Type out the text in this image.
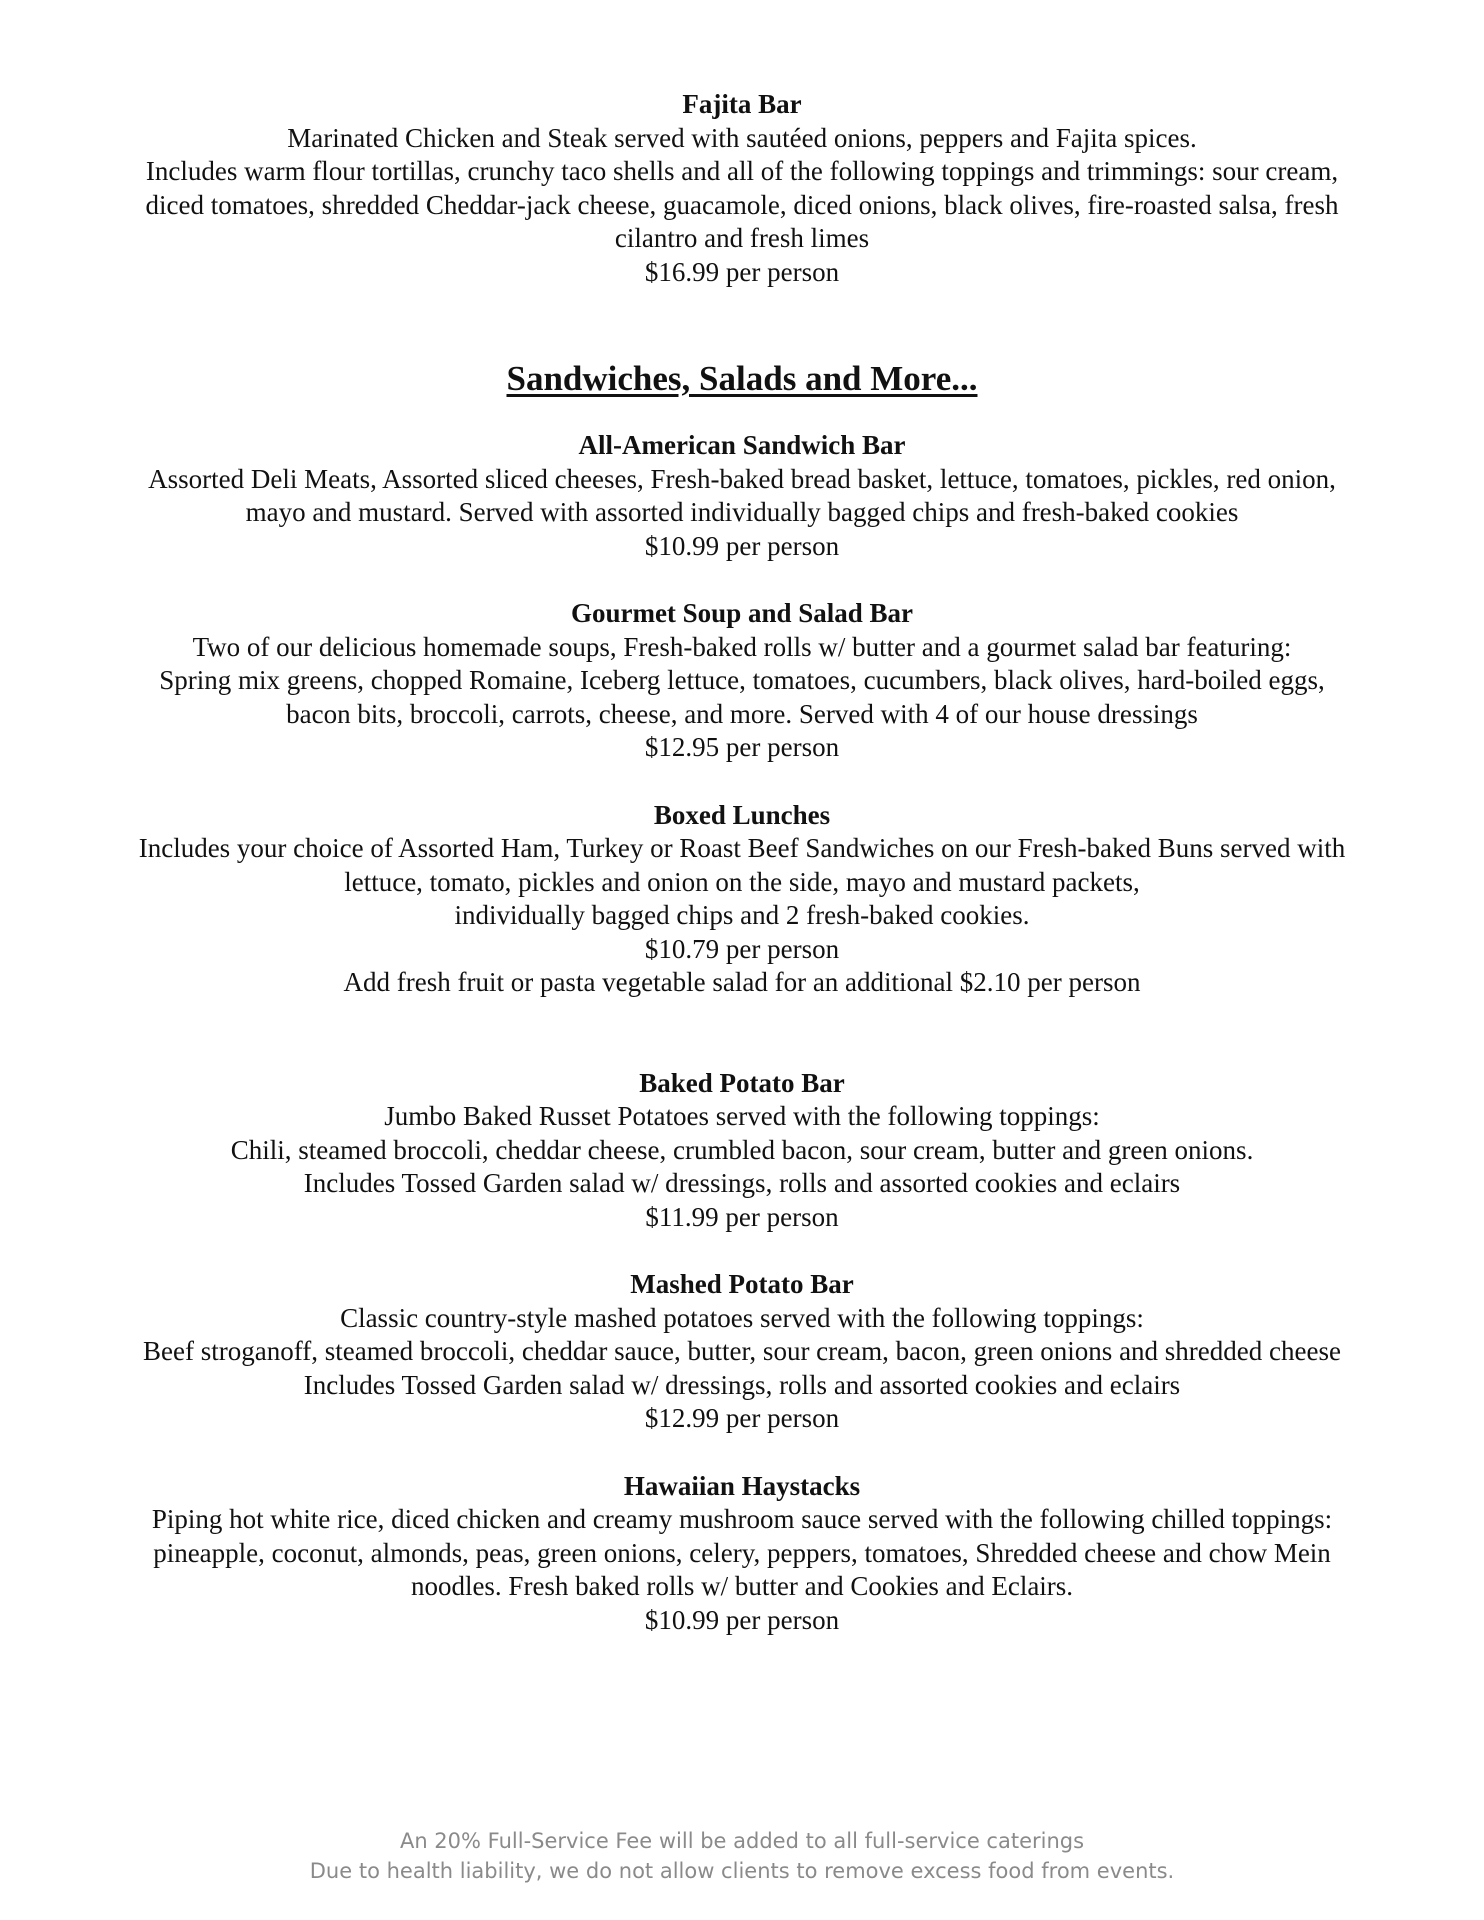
Fajita Bar
Marinated Chicken and Steak served with sautéed onions, peppers and Fajita spices.
Includes warm flour tortillas, crunchy taco shells and all of the following toppings and trimmings: sour cream,
diced tomatoes, shredded Cheddar-jack cheese, guacamole, diced onions, black olives, fire-roasted salsa, fresh
cilantro and fresh limes
$16.99 per person
Sandwiches, Salads and More...
All-American Sandwich Bar
Assorted Deli Meats, Assorted sliced cheeses, Fresh-baked bread basket, lettuce, tomatoes, pickles, red onion,
mayo and mustard. Served with assorted individually bagged chips and fresh-baked cookies
$10.99 per person
Gourmet Soup and Salad Bar
Two of our delicious homemade soups, Fresh-baked rolls w/ butter and a gourmet salad bar featuring:
Spring mix greens, chopped Romaine, Iceberg lettuce, tomatoes, cucumbers, black olives, hard-boiled eggs,
bacon bits, broccoli, carrots, cheese, and more. Served with 4 of our house dressings
$12.95 per person
Boxed Lunches
Includes your choice of Assorted Ham, Turkey or Roast Beef Sandwiches on our Fresh-baked Buns served with
lettuce, tomato, pickles and onion on the side, mayo and mustard packets,
individually bagged chips and 2 fresh-baked cookies.
$10.79 per person
Add fresh fruit or pasta vegetable salad for an additional $2.10 per person
Baked Potato Bar
Jumbo Baked Russet Potatoes served with the following toppings:
Chili, steamed broccoli, cheddar cheese, crumbled bacon, sour cream, butter and green onions.
Includes Tossed Garden salad w/ dressings, rolls and assorted cookies and eclairs
$11.99 per person
Mashed Potato Bar
Classic country-style mashed potatoes served with the following toppings:
Beef stroganoff, steamed broccoli, cheddar sauce, butter, sour cream, bacon, green onions and shredded cheese
Includes Tossed Garden salad w/ dressings, rolls and assorted cookies and eclairs
$12.99 per person
Hawaiian Haystacks
Piping hot white rice, diced chicken and creamy mushroom sauce served with the following chilled toppings:
pineapple, coconut, almonds, peas, green onions, celery, peppers, tomatoes, Shredded cheese and chow Mein
noodles. Fresh baked rolls w/ butter and Cookies and Eclairs.
$10.99 per person
An 20% Full-Service Fee will be added to all full-service caterings
Due to health liability, we do not allow clients to remove excess food from events.
